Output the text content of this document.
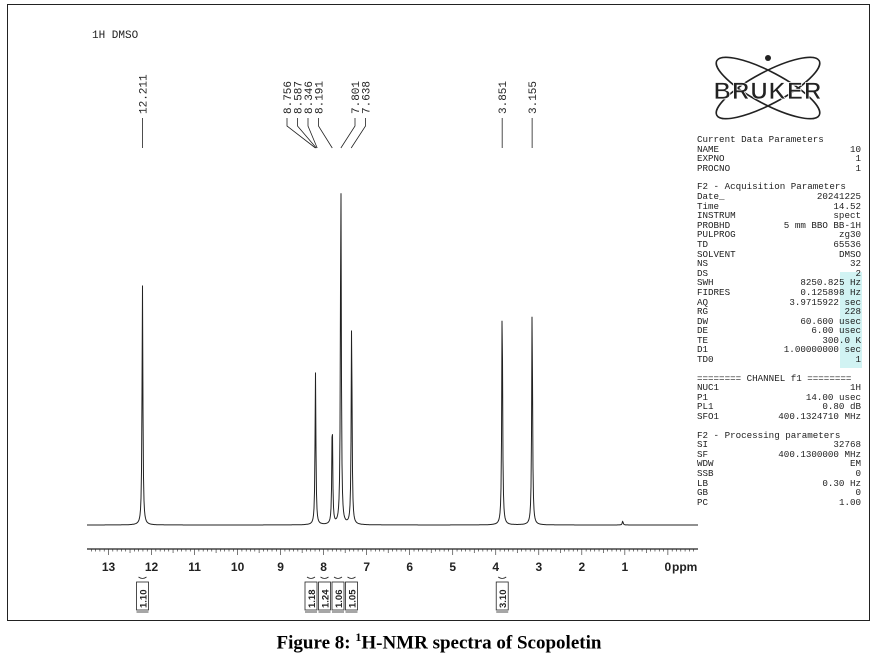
1H DMSO
13 12	11	10	9	8	7	6	5	4	3	2	1	0 ppm
12.211	8.756
8.587
8.346
8.191 7.801
7.638	3.851 3.155
1.10	1.18 1.24 1.06 1.05	3.10
BRUKER
Current Data Parameters
NAME	10
EXPNO	1
PROCNO	1
F2 - Acquisition Parameters
Date_	20241225
Time	14.52
INSTRUM	spect
PROBHD	5 mm BBO BB-1H
PULPROG	zg30
TD	65536
SOLVENT	DMSO
NS	32
DS	2
SWH	8250.825 Hz
FIDRES	0.125898 Hz
AQ	3.9715922 sec
RG	228
DW	60.600 usec
DE	6.00 usec
TE	300.0 K
D1	1.00000000 sec
TD0	1
======== CHANNEL f1 ========
NUC1	1H
P1	14.00 usec
PL1	0.80 dB
SFO1	400.1324710 MHz
F2 - Processing parameters
SI	32768
SF	400.1300000 MHz
WDW	EM
SSB	0
LB	0.30 Hz
GB	0
PC	1.00
Figure 8: $^1$H-NMR spectra of Scopoletin
